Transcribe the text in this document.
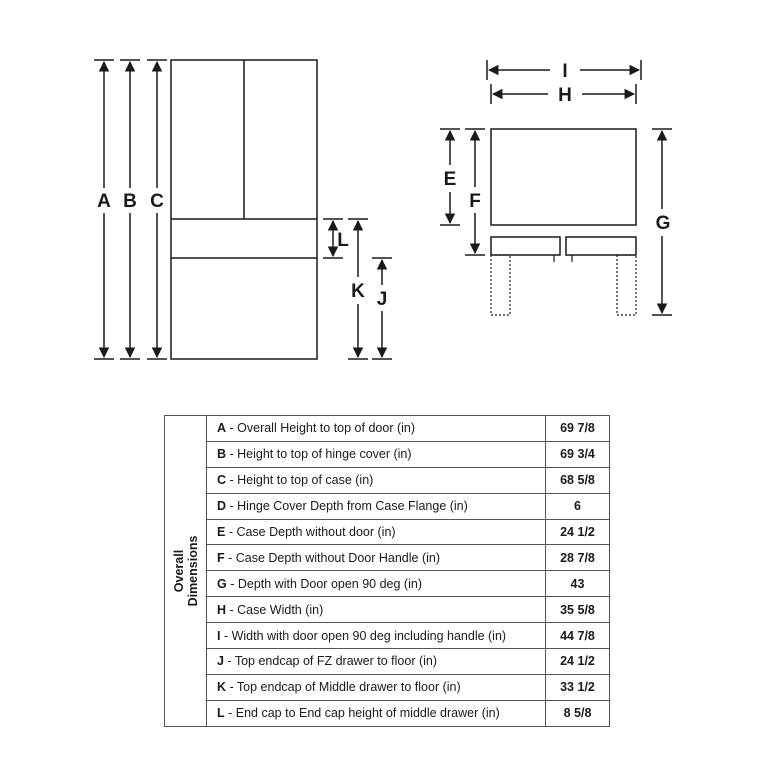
A B C
L
K J
I
H
E
F
G
Overall Dimensions	A - Overall Height to top of door (in)	69 7/8
	B - Height to top of hinge cover (in)	69 3/4
	C - Height to top of case (in)	68 5/8
	D - Hinge Cover Depth from Case Flange (in)	6
	E - Case Depth without door (in)	24 1/2
	F - Case Depth without Door Handle (in)	28 7/8
	G - Depth with Door open 90 deg (in)	43
	H - Case Width (in)	35 5/8
	I - Width with door open 90 deg including handle (in)	44 7/8
	J - Top endcap of FZ drawer to floor (in)	24 1/2
	K - Top endcap of Middle drawer to floor (in)	33 1/2
	L - End cap to End cap height of middle drawer (in)	8 5/8
